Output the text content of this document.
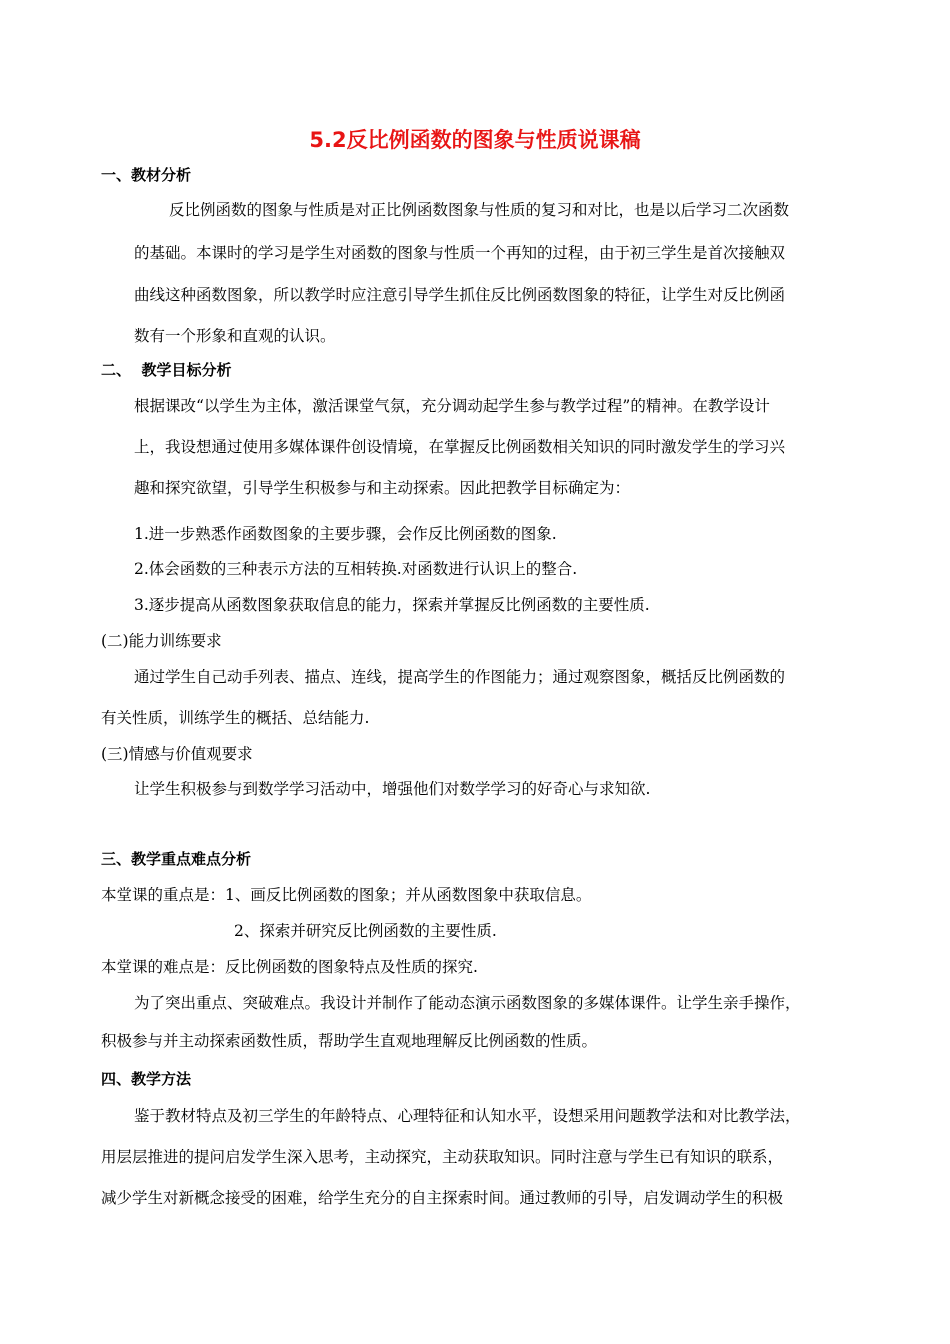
5.2反比例函数的图象与性质说课稿
一、教材分析
反比例函数的图象与性质是对正比例函数图象与性质的复习和对比，也是以后学习二次函数
的基础。本课时的学习是学生对函数的图象与性质一个再知的过程，由于初三学生是首次接触双
曲线这种函数图象，所以教学时应注意引导学生抓住反比例函数图象的特征，让学生对反比例函
数有一个形象和直观的认识。
二、  教学目标分析
根据课改“以学生为主体，激活课堂气氛，充分调动起学生参与教学过程”的精神。在教学设计
上，我设想通过使用多媒体课件创设情境，在掌握反比例函数相关知识的同时激发学生的学习兴
趣和探究欲望，引导学生积极参与和主动探索。因此把教学目标确定为：
1.进一步熟悉作函数图象的主要步骤，会作反比例函数的图象.
2.体会函数的三种表示方法的互相转换.对函数进行认识上的整合.
3.逐步提高从函数图象获取信息的能力，探索并掌握反比例函数的主要性质.
(二)能力训练要求
通过学生自己动手列表、描点、连线，提高学生的作图能力；通过观察图象，概括反比例函数的
有关性质，训练学生的概括、总结能力.
(三)情感与价值观要求
让学生积极参与到数学学习活动中，增强他们对数学学习的好奇心与求知欲.
三、教学重点难点分析
本堂课的重点是：1、画反比例函数的图象；并从函数图象中获取信息。
2、探索并研究反比例函数的主要性质.
本堂课的难点是：反比例函数的图象特点及性质的探究.
为了突出重点、突破难点。我设计并制作了能动态演示函数图象的多媒体课件。让学生亲手操作，
积极参与并主动探索函数性质，帮助学生直观地理解反比例函数的性质。
四、教学方法
鉴于教材特点及初三学生的年龄特点、心理特征和认知水平，设想采用问题教学法和对比教学法，
用层层推进的提问启发学生深入思考，主动探究，主动获取知识。同时注意与学生已有知识的联系，
减少学生对新概念接受的困难，给学生充分的自主探索时间。通过教师的引导，启发调动学生的积极
